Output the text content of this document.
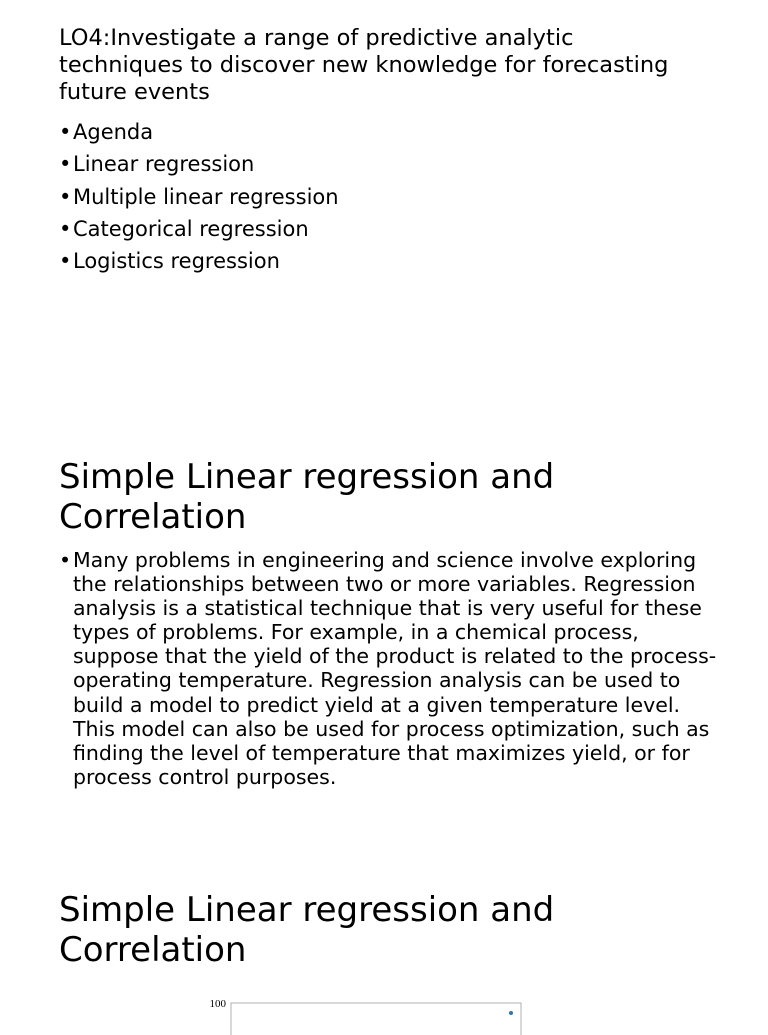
LO4:Investigate a range of predictive analytic techniques to discover new knowledge for forecasting future events
• Agenda
• Linear regression
• Multiple linear regression
• Categorical regression
• Logistics regression
Simple Linear regression and Correlation
• Many problems in engineering and science involve exploring the relationships between two or more variables. Regression analysis is a statistical technique that is very useful for these types of problems. For example, in a chemical process, suppose that the yield of the product is related to the process-operating temperature. Regression analysis can be used to build a model to predict yield at a given temperature level. This model can also be used for process optimization, such as finding the level of temperature that maximizes yield, or for process control purposes.
Simple Linear regression and Correlation
100
